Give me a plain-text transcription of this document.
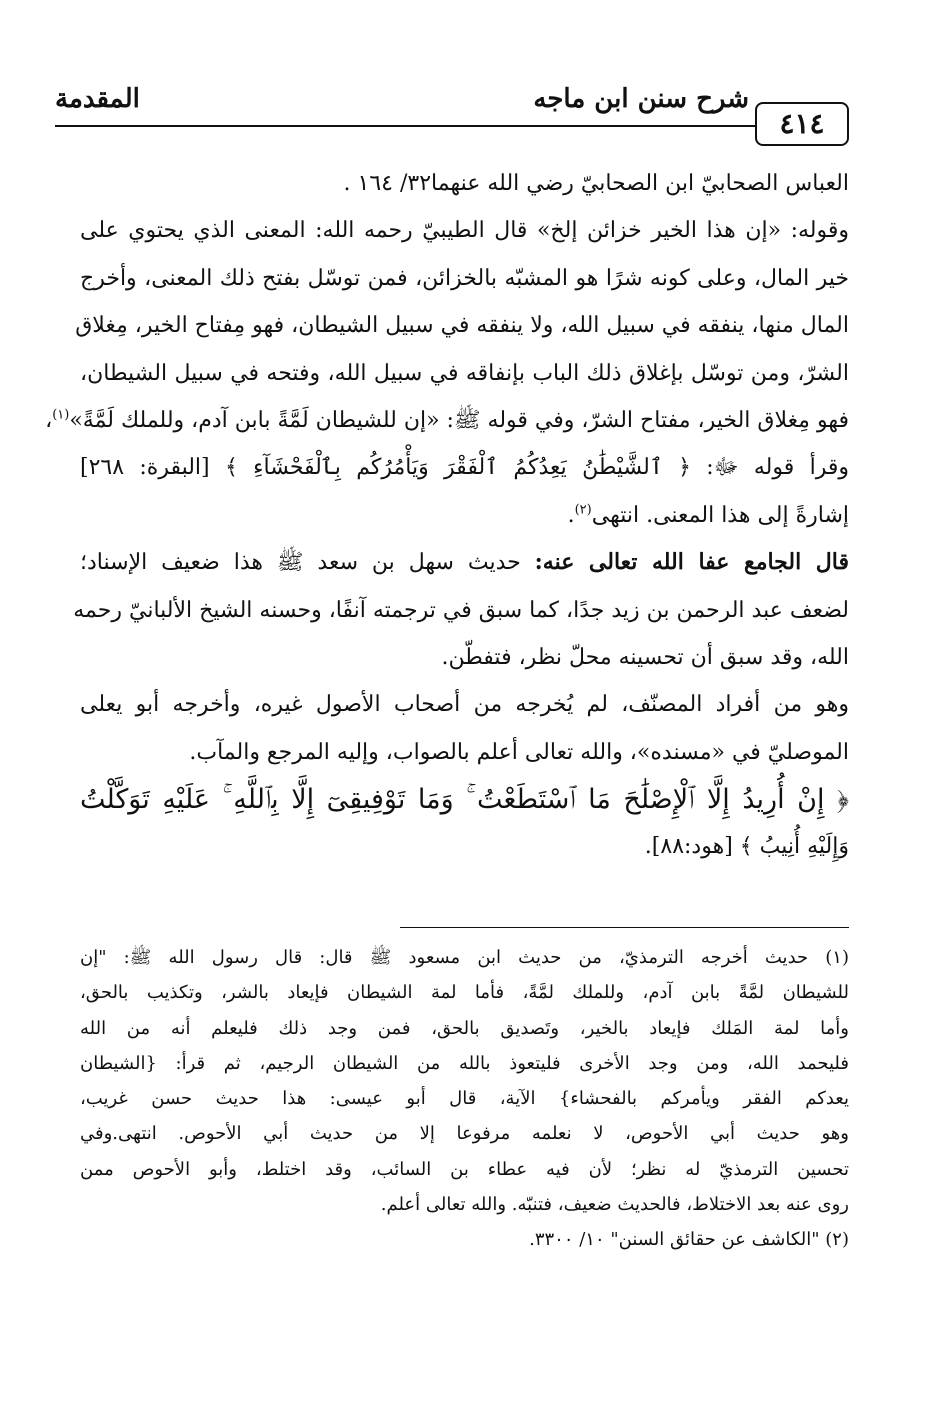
٤١٤
شرح سنن ابن ماجه
المقدمة
العباس الصحابيّ ابن الصحابيّ رضي الله عنهما٣٢/ ١٦٤ .
وقوله: «إن هذا الخير خزائن إلخ» قال الطيبيّ رحمه الله: المعنى الذي يحتوي على
خير المال، وعلى كونه شرًا هو المشبّه بالخزائن، فمن توسّل بفتح ذلك المعنى، وأخرج
المال منها، ينفقه في سبيل الله، ولا ينفقه في سبيل الشيطان، فهو مِفتاح الخير، مِغلاق
الشرّ، ومن توسّل بإغلاق ذلك الباب بإنفاقه في سبيل الله، وفتحه في سبيل الشيطان،
فهو مِغلاق الخير، مفتاح الشرّ، وفي قوله ﷺ: «إن للشيطان لَمَّةً بابن آدم، وللملك لَمَّةً»$^{(١)}$،
وقرأ قوله ﷻ: ﴿ ٱلشَّيْطَٰنُ يَعِدُكُمُ ٱلْفَقْرَ وَيَأْمُرُكُم بِٱلْفَحْشَآءِ ﴾ [البقرة: ٢٦٨]
إشارةً إلى هذا المعنى. انتهى$^{(٢)}$.
قال الجامع عفا الله تعالى عنه: حديث سهل بن سعد ﷺ هذا ضعيف الإسناد؛
لضعف عبد الرحمن بن زيد جدًا، كما سبق في ترجمته آنفًا، وحسنه الشيخ الألبانيّ رحمه
الله، وقد سبق أن تحسينه محلّ نظر، فتفطّن.
وهو من أفراد المصنّف، لم يُخرجه من أصحاب الأصول غيره، وأخرجه أبو يعلى
الموصليّ في «مسنده»، والله تعالى أعلم بالصواب، وإليه المرجع والمآب.
﴿ إِنْ أُرِيدُ إِلَّا ٱلْإِصْلَٰحَ مَا ٱسْتَطَعْتُ ۚ وَمَا تَوْفِيقِىٓ إِلَّا بِٱللَّهِ ۚ عَلَيْهِ تَوَكَّلْتُ
وَإِلَيْهِ أُنِيبُ ﴾ [هود:٨٨].
(١) حديث أخرجه الترمذيّ، من حديث ابن مسعود ﷺ قال: قال رسول الله ﷺ: "إن
للشيطان لمَّةً بابن آدم، وللملك لمَّةً، فأما لمة الشيطان فإيعاد بالشر، وتكذيب بالحق،
وأما لمة المَلك فإيعاد بالخير، وتَصديق بالحق، فمن وجد ذلك فليعلم أنه من الله
فليحمد الله، ومن وجد الأخرى فليتعوذ بالله من الشيطان الرجيم، ثم قرأ: {الشيطان
يعدكم الفقر ويأمركم بالفحشاء} الآية، قال أبو عيسى: هذا حديث حسن غريب،
وهو حديث أبي الأحوص، لا نعلمه مرفوعا إلا من حديث أبي الأحوص. انتهى.وفي
تحسين الترمذيّ له نظر؛ لأن فيه عطاء بن السائب، وقد اختلط، وأبو الأحوص ممن
روى عنه بعد الاختلاط، فالحديث ضعيف، فتنبّه. والله تعالى أعلم.
(٢) "الكاشف عن حقائق السنن" ١٠/ ٣٣٠٠.
